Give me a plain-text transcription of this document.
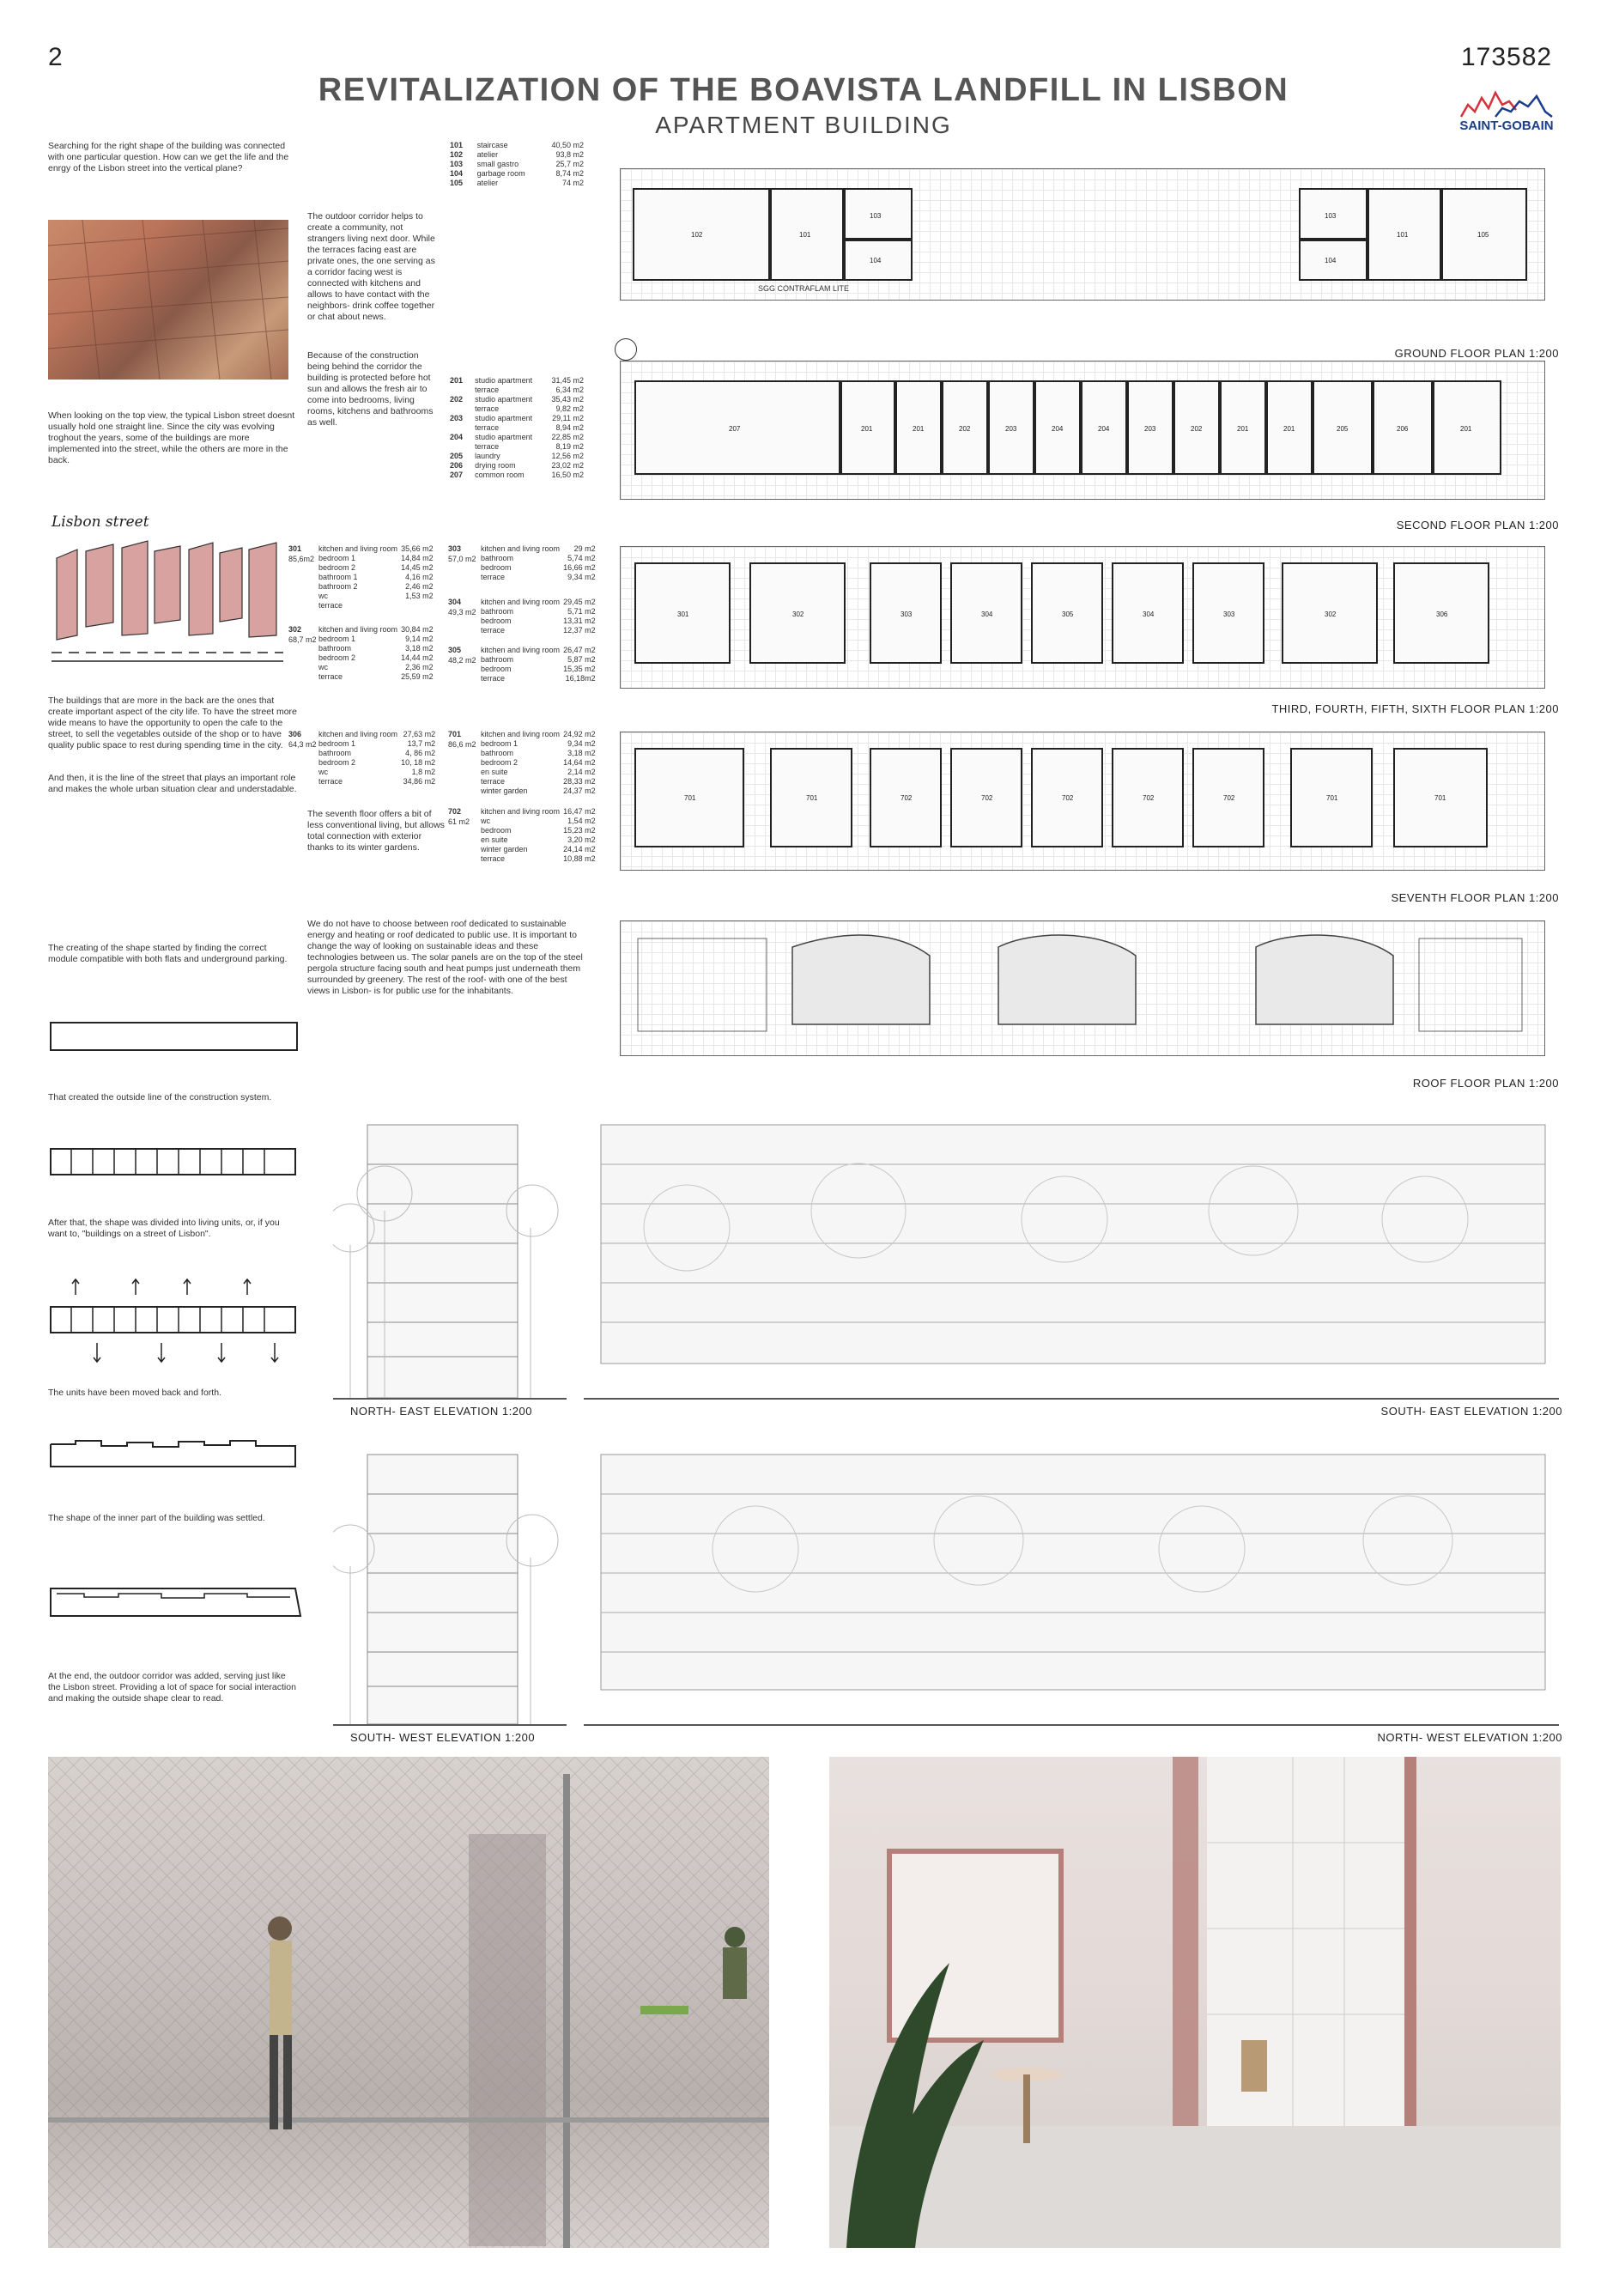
2	173582
REVITALIZATION OF THE BOAVISTA LANDFILL IN LISBON
APARTMENT BUILDING	SAINT-GOBAIN
Searching for the right shape of the building was connected with one particular question. How can we get the life and the enrgy of the Lisbon street into the vertical plane?
When looking on the top view, the typical Lisbon street doesnt usually hold one straight line. Since the city was evolving troghout the years, some of the buildings are more implemented into the street, while the others are more in the back.
Lisbon street
The buildings that are more in the back are the ones that create important aspect of the city life. To have the street more wide means to have the opportunity to open the cafe to the street, to sell the vegetables outside of the shop or to have quality public space to rest during spending time in the city.
And then, it is the line of the street that plays an important role and makes the whole urban situation clear and understadable.
The creating of the shape started by finding the correct module compatible with both flats and underground parking.
That created the outside line of the construction system.
After that, the shape was divided into living units, or, if you want to, "buildings on a street of Lisbon".
The units have been moved back and forth.
The shape of the inner part of the building was settled.
At the end, the outdoor corridor was added, serving just like the Lisbon street. Providing a lot of space for social interaction and making the outside shape clear to read.
The outdoor corridor helps to create a community, not strangers living next door. While the terraces facing east are private ones, the one serving as a corridor facing west is connected with kitchens and allows to have contact with the neighbors- drink coffee together or chat about news.
Because of the construction being behind the corridor the building is protected before hot sun and allows the fresh air to come into bedrooms, living rooms, kitchens and bathrooms as well.
The seventh floor offers a bit of less conventional living, but allows total connection with exterior thanks to its winter gardens.
We do not have to choose between roof dedicated to sustainable energy and heating or roof dedicated to public use. It is important to change the way of looking on sustainable ideas and these technologies between us. The solar panels are on the top of the steel pergola structure facing south and heat pumps just underneath them surrounded by greenery. The rest of the roof- with one of the best views in Lisbon- is for public use for the inhabitants.
101	staircase	40,50 m2
102	atelier	93,8 m2
103	small gastro	25,7 m2
104	garbage room	8,74 m2
105	atelier	74 m2
201	studio apartment	31,45 m2
	terrace	6,34 m2
202	studio apartment	35,43 m2
	terrace	9,82 m2
203	studio apartment	29,11 m2
	terrace	8,94 m2
204	studio apartment	22,85 m2
	terrace	8,19 m2
205	laundry	12,56 m2
206	drying room	23,02 m2
207	common room	16,50 m2
301
85,6m2
kitchen and living room	35,66 m2
bedroom 1	14,84 m2
bedroom 2	14,45 m2
bathroom 1	4,16 m2
bathroom 2	2,46 m2
wc	1,53 m2
terrace	
302
68,7 m2
kitchen and living room	30,84 m2
bedroom 1	9,14 m2
bathroom	3,18 m2
bedroom 2	14,44 m2
wc	2,36 m2
terrace	25,59 m2
303
57,0 m2
kitchen and living room	29 m2
bathroom	5,74 m2
bedroom	16,66 m2
terrace	9,34 m2
304
49,3 m2
kitchen and living room	29,45 m2
bathroom	5,71 m2
bedroom	13,31 m2
terrace	12,37 m2
305
48,2 m2
kitchen and living room	26,47 m2
bathroom	5,87 m2
bedroom	15,35 m2
terrace	16,18m2
306
64,3 m2
kitchen and living room	27,63 m2
bedroom 1	13,7 m2
bathroom	4, 86 m2
bedroom 2	10, 18 m2
wc	1,8 m2
terrace	34,86 m2
701
86,6 m2
kitchen and living room	24,92 m2
bedroom 1	9,34 m2
bathroom	3,18 m2
bedroom 2	14,64 m2
en suite	2,14 m2
terrace	28,33 m2
winter garden	24,37 m2
702
61 m2
kitchen and living room	16,47 m2
wc	1,54 m2
bedroom	15,23 m2
en suite	3,20 m2
winter garden	24,14 m2
terrace	10,88 m2
102	101
103
104
103
104
101	105
SGG CONTRAFLAM LITE
GROUND FLOOR PLAN 1:200
207	201	201	202	203	204	204	203	202	201	201	205	206	201
SECOND FLOOR PLAN 1:200
301	302	303	304	305	304	303	302	306
THIRD, FOURTH, FIFTH, SIXTH FLOOR PLAN 1:200
701	701	702	702	702	702	702	701	701
SEVENTH FLOOR PLAN 1:200
ROOF FLOOR PLAN 1:200
NORTH- EAST ELEVATION 1:200	SOUTH- EAST ELEVATION 1:200
SOUTH- WEST ELEVATION 1:200	NORTH- WEST ELEVATION 1:200
